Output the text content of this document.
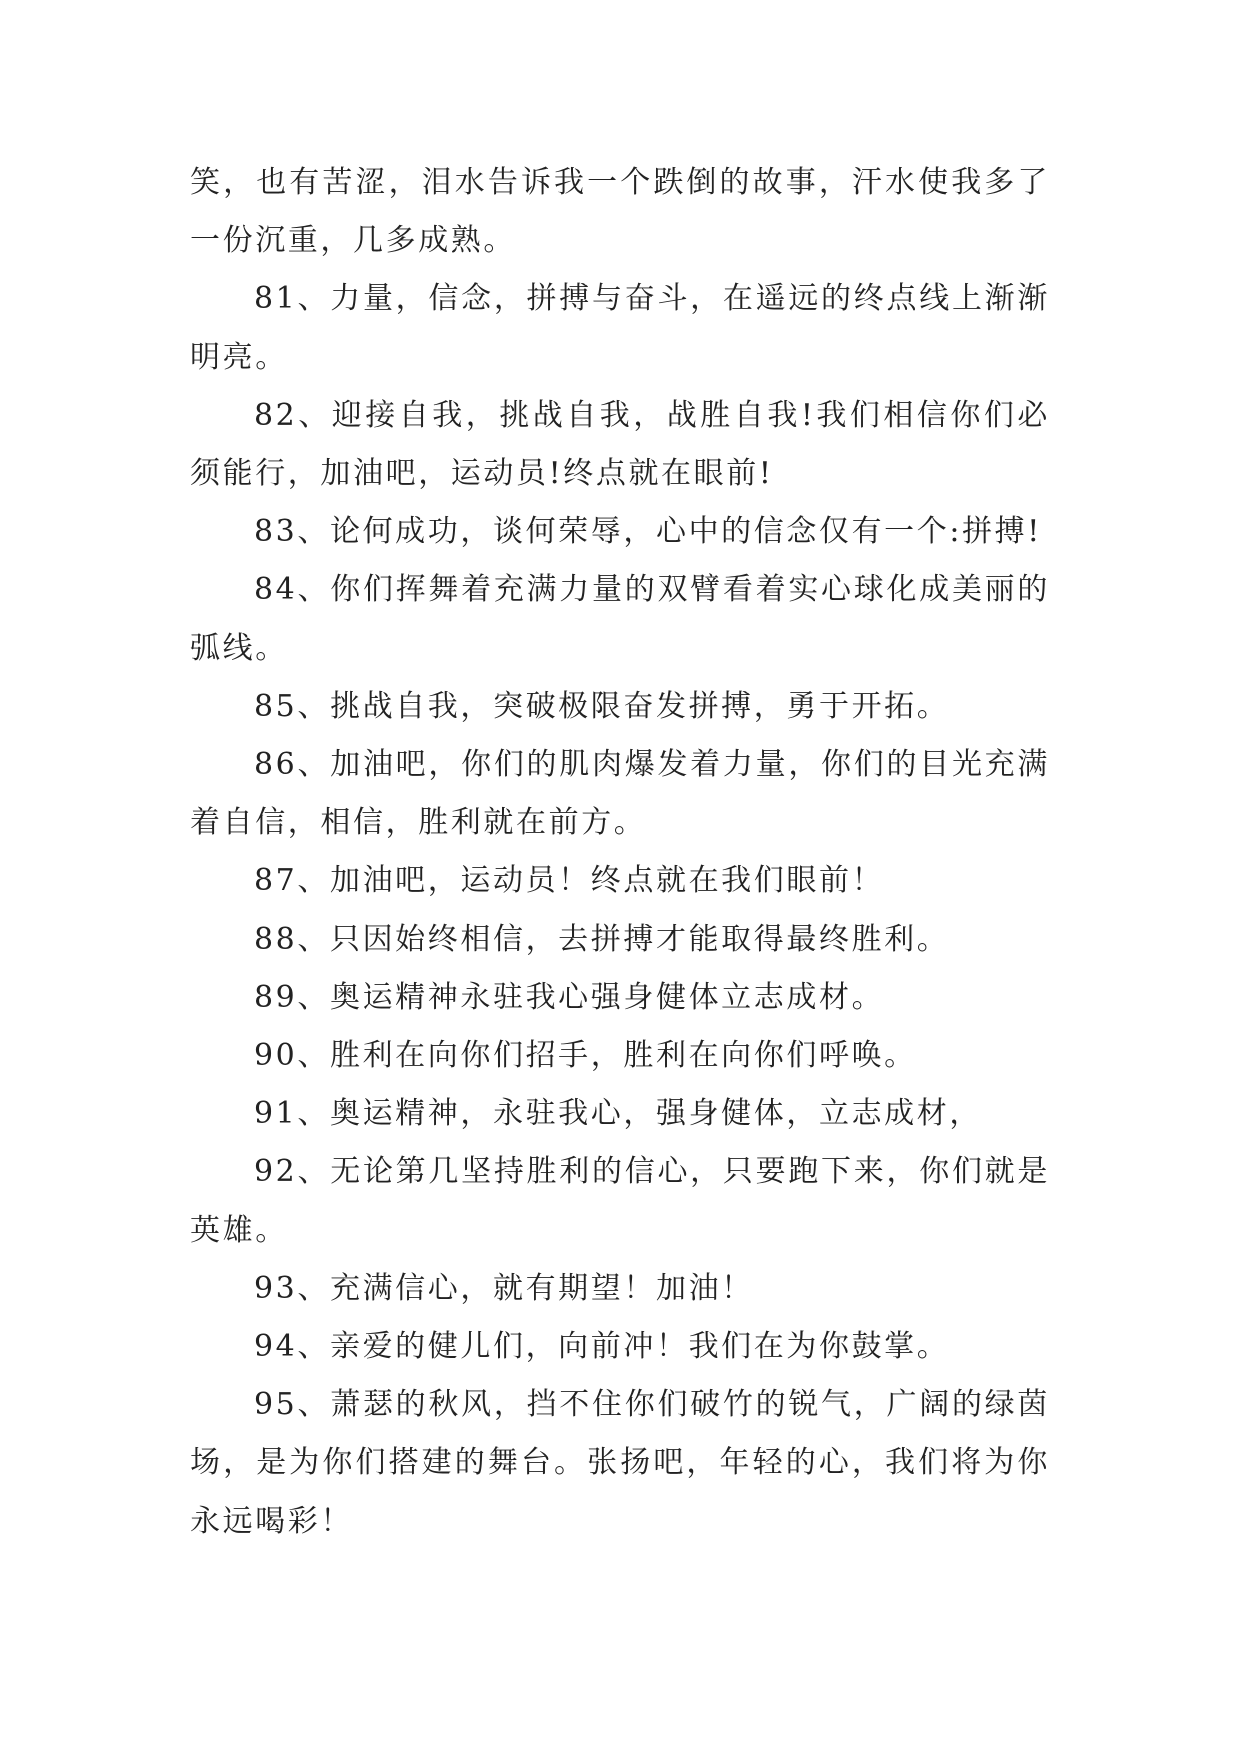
笑，也有苦涩，泪水告诉我一个跌倒的故事，汗水使我多了一份沉重，几多成熟。

81、力量，信念，拼搏与奋斗，在遥远的终点线上渐渐明亮。

82、迎接自我，挑战自我，战胜自我!我们相信你们必须能行，加油吧，运动员!终点就在眼前!

83、论何成功，谈何荣辱，心中的信念仅有一个:拼搏!

84、你们挥舞着充满力量的双臂看着实心球化成美丽的弧线。

85、挑战自我，突破极限奋发拼搏，勇于开拓。

86、加油吧，你们的肌肉爆发着力量，你们的目光充满着自信，相信，胜利就在前方。

87、加油吧，运动员！终点就在我们眼前！

88、只因始终相信，去拼搏才能取得最终胜利。

89、奥运精神永驻我心强身健体立志成材。

90、胜利在向你们招手，胜利在向你们呼唤。

91、奥运精神，永驻我心，强身健体，立志成材，

92、无论第几坚持胜利的信心，只要跑下来，你们就是英雄。

93、充满信心，就有期望！加油！

94、亲爱的健儿们，向前冲！我们在为你鼓掌。

95、萧瑟的秋风，挡不住你们破竹的锐气，广阔的绿茵场，是为你们搭建的舞台。张扬吧，年轻的心，我们将为你永远喝彩！
